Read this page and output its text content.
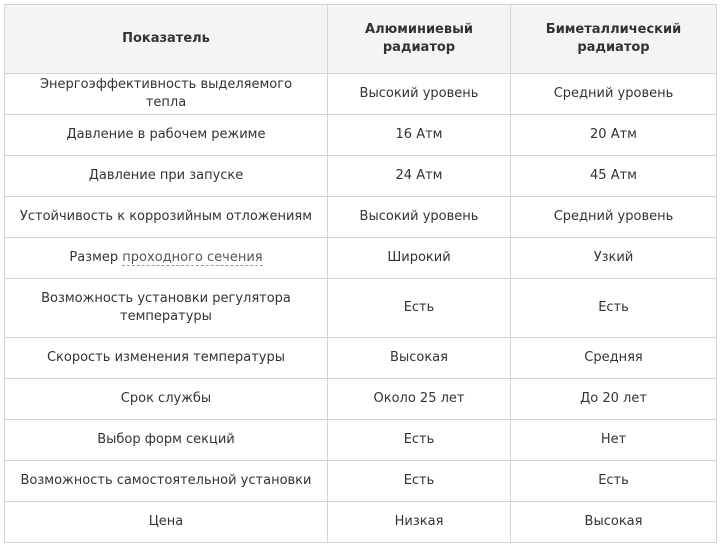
Показатель	Алюминиевый радиатор	Биметаллический радиатор
Энергоэффективность выделяемого тепла	Высокий уровень	Средний уровень
Давление в рабочем режиме	16 Атм	20 Атм
Давление при запуске	24 Атм	45 Атм
Устойчивость к коррозийным отложениям	Высокий уровень	Средний уровень
Размер проходного сечения	Широкий	Узкий
Возможность установки регулятора температуры	Есть	Есть
Скорость изменения температуры	Высокая	Средняя
Срок службы	Около 25 лет	До 20 лет
Выбор форм секций	Есть	Нет
Возможность самостоятельной установки	Есть	Есть
Цена	Низкая	Высокая
